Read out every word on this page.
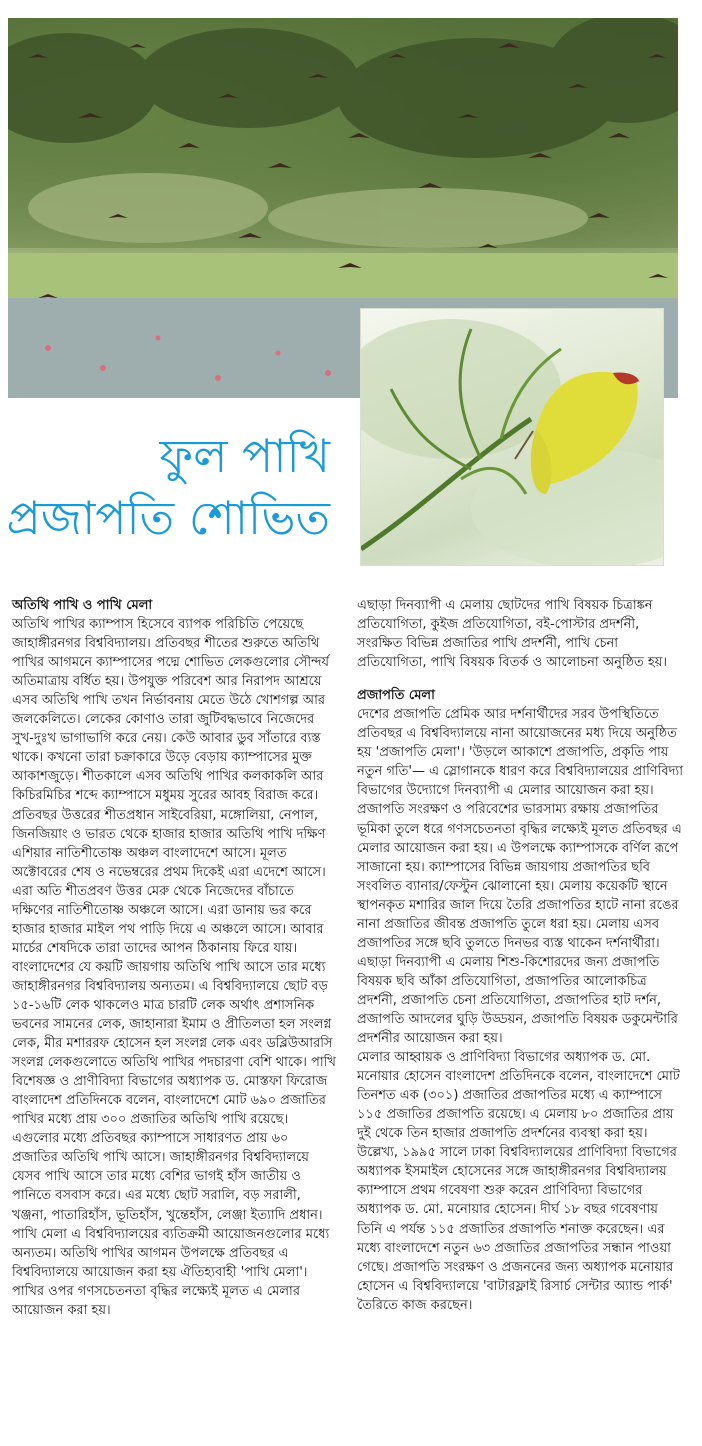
ফুল পাখি
প্রজাপতি শোভিত
অতিথি পাখি ও পাখি মেলা

অতিথি পাখির ক্যাম্পাস হিসেবে ব্যাপক পরিচিতি পেয়েছে জাহাঙ্গীরনগর বিশ্ববিদ্যালয়। প্রতিবছর শীতের শুরুতে অতিথি পাখির আগমনে ক্যাম্পাসের পদ্মে শোভিত লেকগুলোর সৌন্দর্য অতিমাত্রায় বর্ধিত হয়। উপযুক্ত পরিবেশ আর নিরাপদ আশ্রয়ে এসব অতিথি পাখি তখন নির্ভাবনায় মেতে উঠে খোশগল্প আর জলকেলিতে। লেকের কোণাও তারা জুটিবদ্ধভাবে নিজেদের সুখ-দুঃখ ভাগাভাগি করে নেয়। কেউ আবার ডুব সাঁতারে ব্যস্ত থাকে। কখনো তারা চক্রাকারে উড়ে বেড়ায় ক্যাম্পাসের মুক্ত আকাশজুড়ে। শীতকালে এসব অতিথি পাখির কলকাকলি আর কিচিরমিচির শব্দে ক্যাম্পাসে মধুময় সুরের আবহ বিরাজ করে।

প্রতিবছর উত্তরের শীতপ্রধান সাইবেরিয়া, মঙ্গোলিয়া, নেপাল, জিনজিয়াং ও ভারত থেকে হাজার হাজার অতিথি পাখি দক্ষিণ এশিয়ার নাতিশীতোষ্ণ অঞ্চল বাংলাদেশে আসে। মূলত অক্টোবরের শেষ ও নভেম্বরের প্রথম দিকেই এরা এদেশে আসে। এরা অতি শীতপ্রবণ উত্তর মেরু থেকে নিজেদের বাঁচাতে দক্ষিণের নাতিশীতোষ্ণ অঞ্চলে আসে। এরা ডানায় ভর করে হাজার হাজার মাইল পথ পাড়ি দিয়ে এ অঞ্চলে আসে। আবার মার্চের শেষদিকে তারা তাদের আপন ঠিকানায় ফিরে যায়। বাংলাদেশের যে কয়টি জায়গায় অতিথি পাখি আসে তার মধ্যে জাহাঙ্গীরনগর বিশ্ববিদ্যালয় অন্যতম। এ বিশ্ববিদ্যালয়ে ছোট বড় ১৫-১৬টি লেক থাকলেও মাত্র চারটি লেক অর্থাৎ প্রশাসনিক ভবনের সামনের লেক, জাহানারা ইমাম ও প্রীতিলতা হল সংলগ্ন লেক, মীর মশাররফ হোসেন হল সংলগ্ন লেক এবং ডব্লিউআরসি সংলগ্ন লেকগুলোতে অতিথি পাখির পদচারণা বেশি থাকে। পাখি বিশেষজ্ঞ ও প্রাণীবিদ্যা বিভাগের অধ্যাপক ড. মোস্তফা ফিরোজ বাংলাদেশ প্রতিদিনকে বলেন, বাংলাদেশে মোট ৬৯০ প্রজাতির পাখির মধ্যে প্রায় ৩০০ প্রজাতির অতিথি পাখি রয়েছে। এগুলোর মধ্যে প্রতিবছর ক্যাম্পাসে সাধারণত প্রায় ৬০ প্রজাতির অতিথি পাখি আসে। জাহাঙ্গীরনগর বিশ্ববিদ্যালয়ে যেসব পাখি আসে তার মধ্যে বেশির ভাগই হাঁস জাতীয় ও পানিতে বসবাস করে। এর মধ্যে ছোট সরালি, বড় সরালী, খঞ্জনা, পাতারিহাঁস, ভূতিহাঁস, খুন্তেহাঁস, লেঞ্জা ইত্যাদি প্রধান।

পাখি মেলা এ বিশ্ববিদ্যালয়ের ব্যতিক্রমী আয়োজনগুলোর মধ্যে অন্যতম। অতিথি পাখির আগমন উপলক্ষে প্রতিবছর এ বিশ্ববিদ্যালয়ে আয়োজন করা হয় ঐতিহ্যবাহী 'পাখি মেলা'। পাখির ওপর গণসচেতনতা বৃদ্ধির লক্ষ্যেই মূলত এ মেলার আয়োজন করা হয়।

এছাড়া দিনব্যাপী এ মেলায় ছোটদের পাখি বিষয়ক চিত্রাঙ্কন প্রতিযোগিতা, কুইজ প্রতিযোগিতা, বই-পোস্টার প্রদর্শনী, সংরক্ষিত বিভিন্ন প্রজাতির পাখি প্রদর্শনী, পাখি চেনা প্রতিযোগিতা, পাখি বিষয়ক বিতর্ক ও আলোচনা অনুষ্ঠিত হয়।

প্রজাপতি মেলা

দেশের প্রজাপতি প্রেমিক আর দর্শনার্থীদের সরব উপস্থিতিতে প্রতিবছর এ বিশ্ববিদ্যালয়ে নানা আয়োজনের মধ্য দিয়ে অনুষ্ঠিত হয় 'প্রজাপতি মেলা'। 'উড়লে আকাশে প্রজাপতি, প্রকৃতি পায় নতুন গতি'— এ স্লোগানকে ধারণ করে বিশ্ববিদ্যালয়ের প্রাণিবিদ্যা বিভাগের উদ্যোগে দিনব্যাপী এ মেলার আয়োজন করা হয়। প্রজাপতি সংরক্ষণ ও পরিবেশের ভারসাম্য রক্ষায় প্রজাপতির ভূমিকা তুলে ধরে গণসচেতনতা বৃদ্ধির লক্ষ্যেই মূলত প্রতিবছর এ মেলার আয়োজন করা হয়। এ উপলক্ষে ক্যাম্পাসকে বর্ণিল রূপে সাজানো হয়। ক্যাম্পাসের বিভিন্ন জায়গায় প্রজাপতির ছবি সংবলিত ব্যানার/ফেস্টুন ঝোলানো হয়। মেলায় কয়েকটি স্থানে স্থাপনকৃত মশারির জাল দিয়ে তৈরি প্রজাপতির হাটে নানা রঙের নানা প্রজাতির জীবন্ত প্রজাপতি তুলে ধরা হয়। মেলায় এসব প্রজাপতির সঙ্গে ছবি তুলতে দিনভর ব্যস্ত থাকেন দর্শনার্থীরা। এছাড়া দিনব্যাপী এ মেলায় শিশু-কিশোরদের জন্য প্রজাপতি বিষয়ক ছবি আঁকা প্রতিযোগিতা, প্রজাপতির আলোকচিত্র প্রদর্শনী, প্রজাপতি চেনা প্রতিযোগিতা, প্রজাপতির হাট দর্শন, প্রজাপতি আদলের ঘুড়ি উড্ডয়ন, প্রজাপতি বিষয়ক ডকুমেন্টারি প্রদর্শনীর আয়োজন করা হয়।

মেলার আহ্বায়ক ও প্রাণিবিদ্যা বিভাগের অধ্যাপক ড. মো. মনোয়ার হোসেন বাংলাদেশ প্রতিদিনকে বলেন, বাংলাদেশে মোট তিনশত এক (৩০১) প্রজাতির প্রজাপতির মধ্যে এ ক্যাম্পাসে ১১৫ প্রজাতির প্রজাপতি রয়েছে। এ মেলায় ৮০ প্রজাতির প্রায় দুই থেকে তিন হাজার প্রজাপতি প্রদর্শনের ব্যবস্থা করা হয়। উল্লেখ্য, ১৯৯৫ সালে ঢাকা বিশ্ববিদ্যালয়ের প্রাণিবিদ্যা বিভাগের অধ্যাপক ইসমাইল হোসেনের সঙ্গে জাহাঙ্গীরনগর বিশ্ববিদ্যালয় ক্যাম্পাসে প্রথম গবেষণা শুরু করেন প্রাণিবিদ্যা বিভাগের অধ্যাপক ড. মো. মনোয়ার হোসেন। দীর্ঘ ১৮ বছর গবেষণায় তিনি এ পর্যন্ত ১১৫ প্রজাতির প্রজাপতি শনাক্ত করেছেন। এর মধ্যে বাংলাদেশে নতুন ৬৩ প্রজাতির প্রজাপতির সন্ধান পাওয়া গেছে। প্রজাপতি সংরক্ষণ ও প্রজননের জন্য অধ্যাপক মনোয়ার হোসেন এ বিশ্ববিদ্যালয়ে 'বাটারফ্লাই রিসার্চ সেন্টার অ্যান্ড পার্ক' তৈরিতে কাজ করছেন।
